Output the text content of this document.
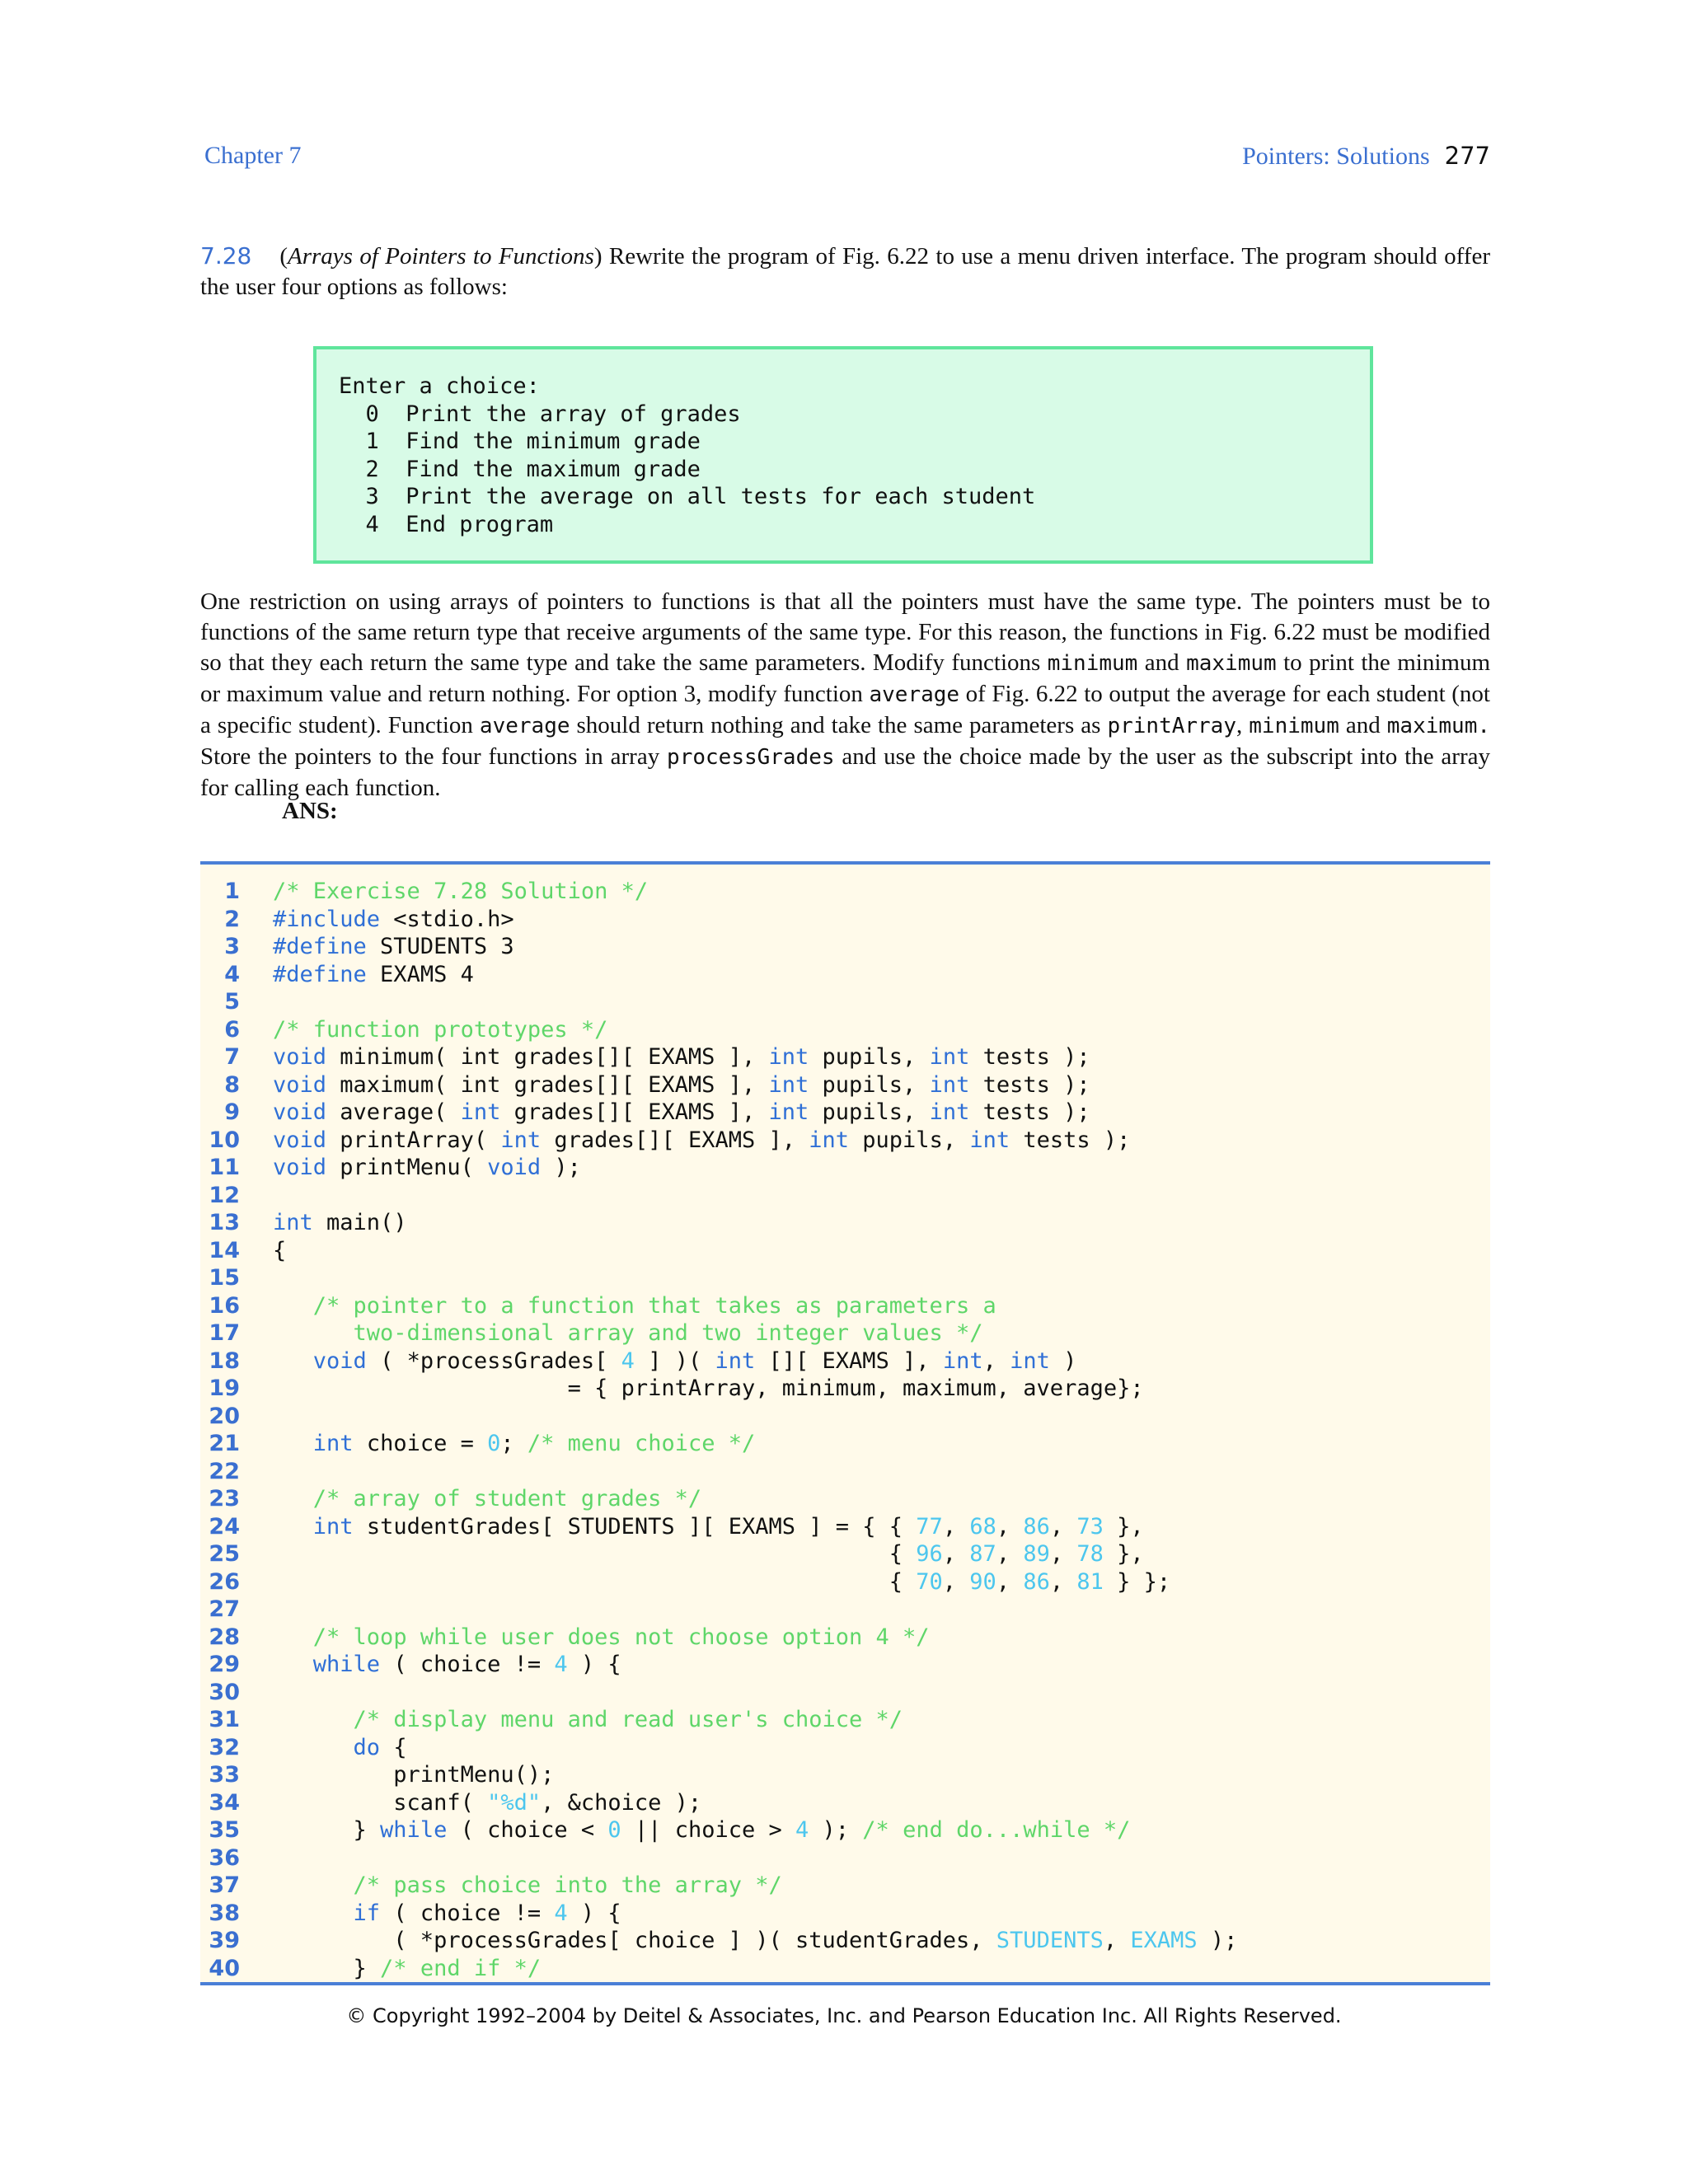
Chapter 7	Pointers: Solutions 277
7.28 (Arrays of Pointers to Functions) Rewrite the program of Fig. 6.22 to use a menu driven interface. The program should offer the user four options as follows:
Enter a choice:
0  Print the array of grades
1  Find the minimum grade
2  Find the maximum grade
3  Print the average on all tests for each student
4  End program
One restriction on using arrays of pointers to functions is that all the pointers must have the same type. The pointers must be to functions of the same return type that receive arguments of the same type. For this reason, the functions in Fig. 6.22 must be modified so that they each return the same type and take the same parameters. Modify functions minimum and maximum to print the minimum or maximum value and return nothing. For option 3, modify function average of Fig. 6.22 to output the average for each student (not a specific student). Function average should return nothing and take the same parameters as printArray, minimum and maximum. Store the pointers to the four functions in array processGrades and use the choice made by the user as the subscript into the array for calling each function.
ANS:
1 /* Exercise 7.28 Solution */
2 #include <stdio.h>
3 #define STUDENTS 3
4 #define EXAMS 4
5
6 /* function prototypes */
7 void minimum( int grades[][ EXAMS ], int pupils, int tests );
8 void maximum( int grades[][ EXAMS ], int pupils, int tests );
9 void average( int grades[][ EXAMS ], int pupils, int tests );
10 void printArray( int grades[][ EXAMS ], int pupils, int tests );
11 void printMenu( void );
12
13 int main()
14 {
15
16	/* pointer to a function that takes as parameters a
17 two-dimensional array and two integer values */
18	void ( *processGrades[ 4 ] )( int [][ EXAMS ], int, int )
19 = { printArray, minimum, maximum, average};
20
21	int choice = 0; /* menu choice */
22
23	/* array of student grades */
24	int studentGrades[ STUDENTS ][ EXAMS ] = { { 77, 68, 86, 73 },
25 { 96, 87, 89, 78 },
26 { 70, 90, 86, 81 } };
27
28	/* loop while user does not choose option 4 */
29	while ( choice != 4 ) {
30
31	/* display menu and read user's choice */
32	do {
33 printMenu();
34 scanf( "%d", &choice );
35 } while ( choice < 0 || choice > 4 ); /* end do...while */
36
37	/* pass choice into the array */
38	if ( choice != 4 ) {
39 ( *processGrades[ choice ] )( studentGrades, STUDENTS, EXAMS );
40 } /* end if */
© Copyright 1992–2004 by Deitel & Associates, Inc. and Pearson Education Inc. All Rights Reserved.
